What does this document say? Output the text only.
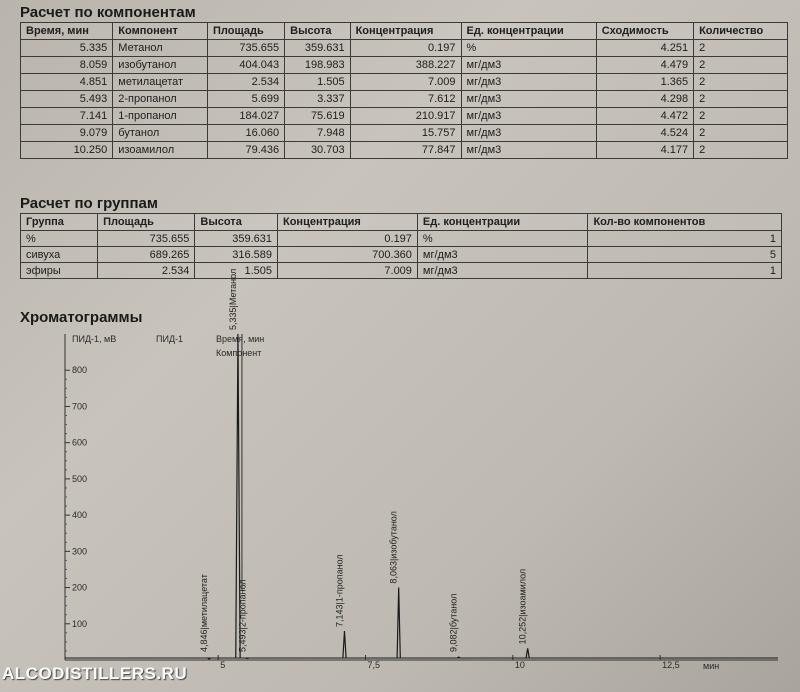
Расчет по компонентам
Время, мин	Компонент	Площадь	Высота	Концентрация	Ед. концентрации	Сходимость	Количество
5.335	Метанол	735.655	359.631	0.197	%	4.251	2
8.059	изобутанол	404.043	198.983	388.227	мг/дм3	4.479	2
4.851	метилацетат	2.534	1.505	7.009	мг/дм3	1.365	2
5.493	2-пропанол	5.699	3.337	7.612	мг/дм3	4.298	2
7.141	1-пропанол	184.027	75.619	210.917	мг/дм3	4.472	2
9.079	бутанол	16.060	7.948	15.757	мг/дм3	4.524	2
10.250	изоамилол	79.436	30.703	77.847	мг/дм3	4.177	2
Расчет по группам
Группа	Площадь	Высота	Концентрация	Ед. концентрации	Кол-во компонентов
%	735.655	359.631	0.197	%	1
сивуха	689.265	316.589	700.360	мг/дм3	5
эфиры	2.534	1.505	7.009	мг/дм3	1
Хроматограммы
ПИД-1, мВ	ПИД-1	Время, мин
Компонент
мин
100
200
300
400
500
600
700
800
5	7,5	10	12,5
4,846|метилацетат
5,335|Метанол
5,493|2-пропанол	7,143|1-пропанол
8,063|изобутанол
9,082|бутанол	10,252|изоамилол
ALCODISTILLERS.RU
